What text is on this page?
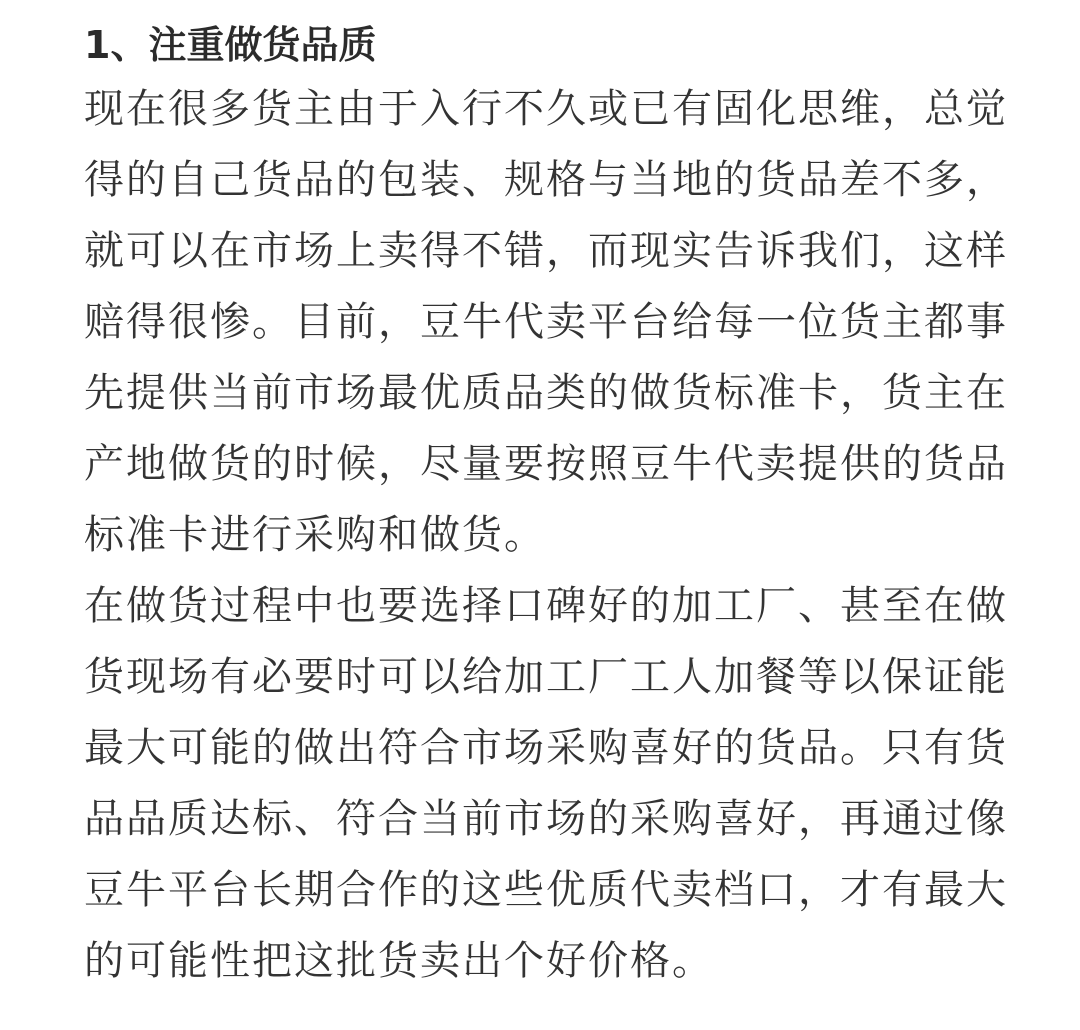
1、注重做货品质

现在很多货主由于入行不久或已有固化思维，总觉
得的自己货品的包装、规格与当地的货品差不多，
就可以在市场上卖得不错，而现实告诉我们，这样
赔得很惨。目前，豆牛代卖平台给每一位货主都事
先提供当前市场最优质品类的做货标准卡，货主在
产地做货的时候，尽量要按照豆牛代卖提供的货品
标准卡进行采购和做货。

在做货过程中也要选择口碑好的加工厂、甚至在做
货现场有必要时可以给加工厂工人加餐等以保证能
最大可能的做出符合市场采购喜好的货品。只有货
品品质达标、符合当前市场的采购喜好，再通过像
豆牛平台长期合作的这些优质代卖档口，才有最大
的可能性把这批货卖出个好价格。
